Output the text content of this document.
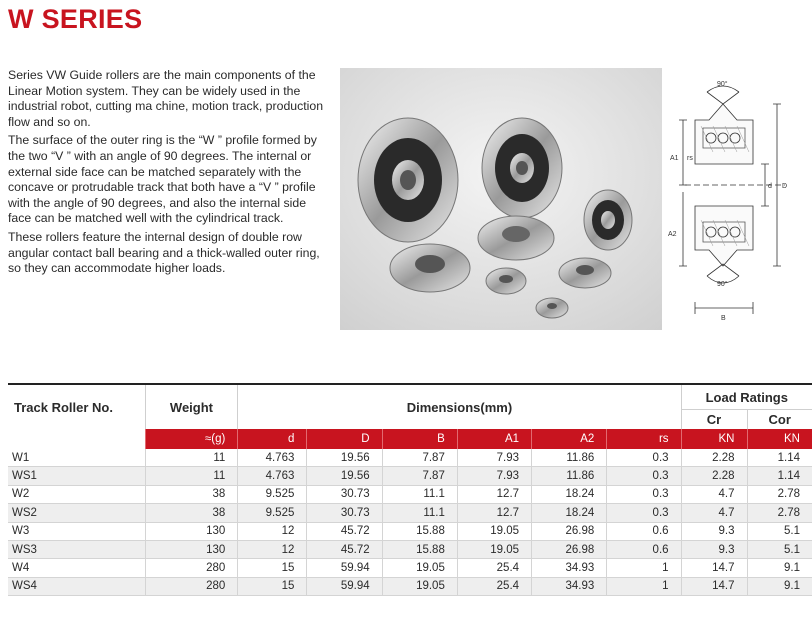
W SERIES

Series VW Guide rollers are the main components of the Linear Motion system. They can be widely used in the industrial robot, cutting ma chine, motion track, production flow and so on.

The surface of the outer ring is the “W ” profile formed by the two “V ” with an angle of 90 degrees. The internal or external side face can be matched separately with the concave or protrudable track that both have a “V ” profile with the angle of 90 degrees, and also the internal side face can be matched well with the cylindrical track.

These rollers feature the internal design of double row angular contact ball bearing and a thick-walled outer ring, so they can accommodate higher loads.

90°
90°
A1 rs
A2
d D
B
Track Roller No.	Weight	Dimensions(mm)						Load Ratings	
								Cr	Cor
	≈(g)	d	D	B	A1	A2	rs	KN	KN
W1	11	4.763	19.56	7.87	7.93	11.86	0.3	2.28	1.14
WS1	11	4.763	19.56	7.87	7.93	11.86	0.3	2.28	1.14
W2	38	9.525	30.73	11.1	12.7	18.24	0.3	4.7	2.78
WS2	38	9.525	30.73	11.1	12.7	18.24	0.3	4.7	2.78
W3	130	12	45.72	15.88	19.05	26.98	0.6	9.3	5.1
WS3	130	12	45.72	15.88	19.05	26.98	0.6	9.3	5.1
W4	280	15	59.94	19.05	25.4	34.93	1	14.7	9.1
WS4	280	15	59.94	19.05	25.4	34.93	1	14.7	9.1
